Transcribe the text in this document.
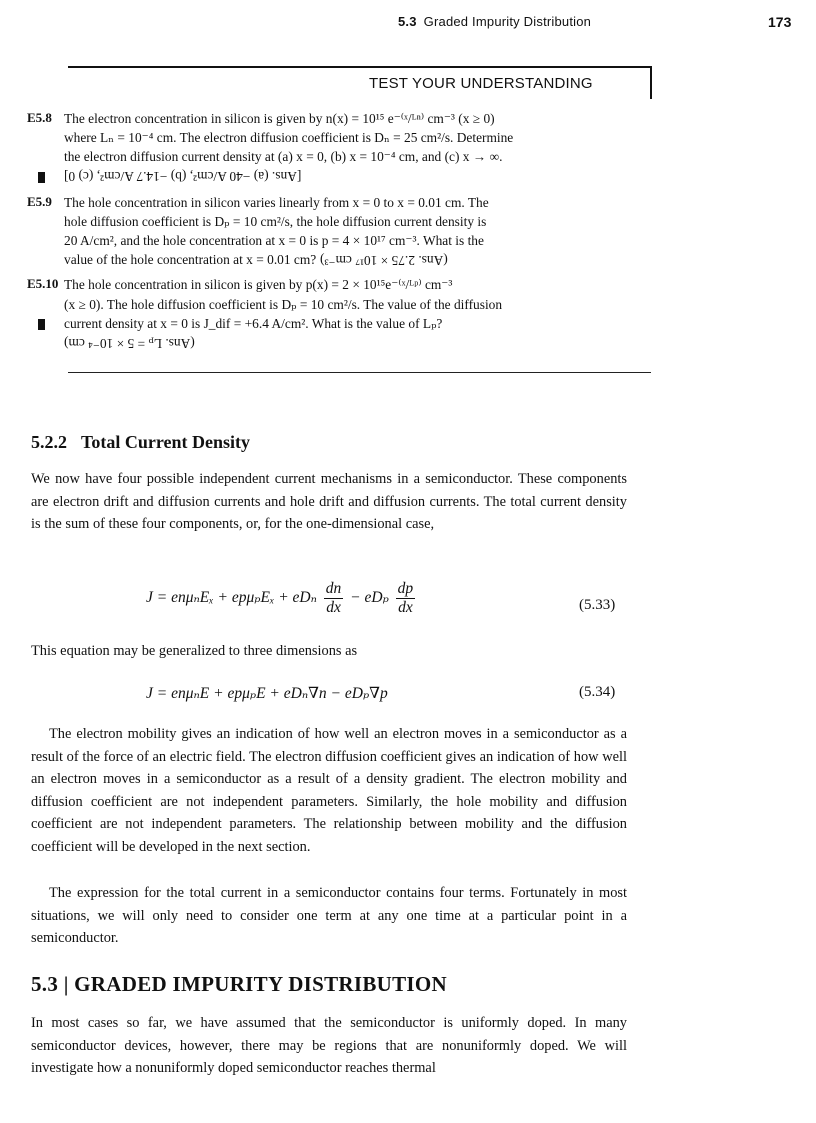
5.3 Graded Impurity Distribution	173
TEST YOUR UNDERSTANDING
E5.8 The electron concentration in silicon is given by n(x) = 10¹⁵ e⁻⁽ˣ/ᴸⁿ⁾ cm⁻³ (x ≥ 0)
where Lₙ = 10⁻⁴ cm. The electron diffusion coefficient is Dₙ = 25 cm²/s. Determine
the electron diffusion current density at (a) x = 0, (b) x = 10⁻⁴ cm, and (c) x → ∞.
[Ans. (a) −40 A/cm², (b) −14.7 A/cm², (c) 0]
E5.9 The hole concentration in silicon varies linearly from x = 0 to x = 0.01 cm. The
hole diffusion coefficient is Dₚ = 10 cm²/s, the hole diffusion current density is
20 A/cm², and the hole concentration at x = 0 is p = 4 × 10¹⁷ cm⁻³. What is the
value of the hole concentration at x = 0.01 cm? (Ans. 2.75 × 10¹⁷ cm⁻³)
E5.10 The hole concentration in silicon is given by p(x) = 2 × 10¹⁵e⁻⁽ˣ/ᴸᵖ⁾ cm⁻³
(x ≥ 0). The hole diffusion coefficient is Dₚ = 10 cm²/s. The value of the diffusion
current density at x = 0 is J_dif = +6.4 A/cm². What is the value of Lₚ?
(Ans. Lₚ = 5 × 10⁻⁴ cm)
5.2.2 Total Current Density

We now have four possible independent current mechanisms in a semiconductor. These components are electron drift and diffusion currents and hole drift and diffusion currents. The total current density is the sum of these four components, or, for the one-dimensional case,

J = enμₙEₓ + epμₚEₓ + eDₙ $\frac{dn}{dx} - eD_p \frac{dp}{dx}$	(5.33)

This equation may be generalized to three dimensions as

J = enμₙE + epμₚE + eDₙ∇n − eDₚ∇p	(5.34)

The electron mobility gives an indication of how well an electron moves in a semiconductor as a result of the force of an electric field. The electron diffusion coefficient gives an indication of how well an electron moves in a semiconductor as a result of a density gradient. The electron mobility and diffusion coefficient are not independent parameters. Similarly, the hole mobility and diffusion coefficient are not independent parameters. The relationship between mobility and the diffusion coefficient will be developed in the next section.

The expression for the total current in a semiconductor contains four terms. Fortunately in most situations, we will only need to consider one term at any one time at a particular point in a semiconductor.

5.3 | GRADED IMPURITY DISTRIBUTION

In most cases so far, we have assumed that the semiconductor is uniformly doped. In many semiconductor devices, however, there may be regions that are nonuniformly doped. We will investigate how a nonuniformly doped semiconductor reaches thermal
